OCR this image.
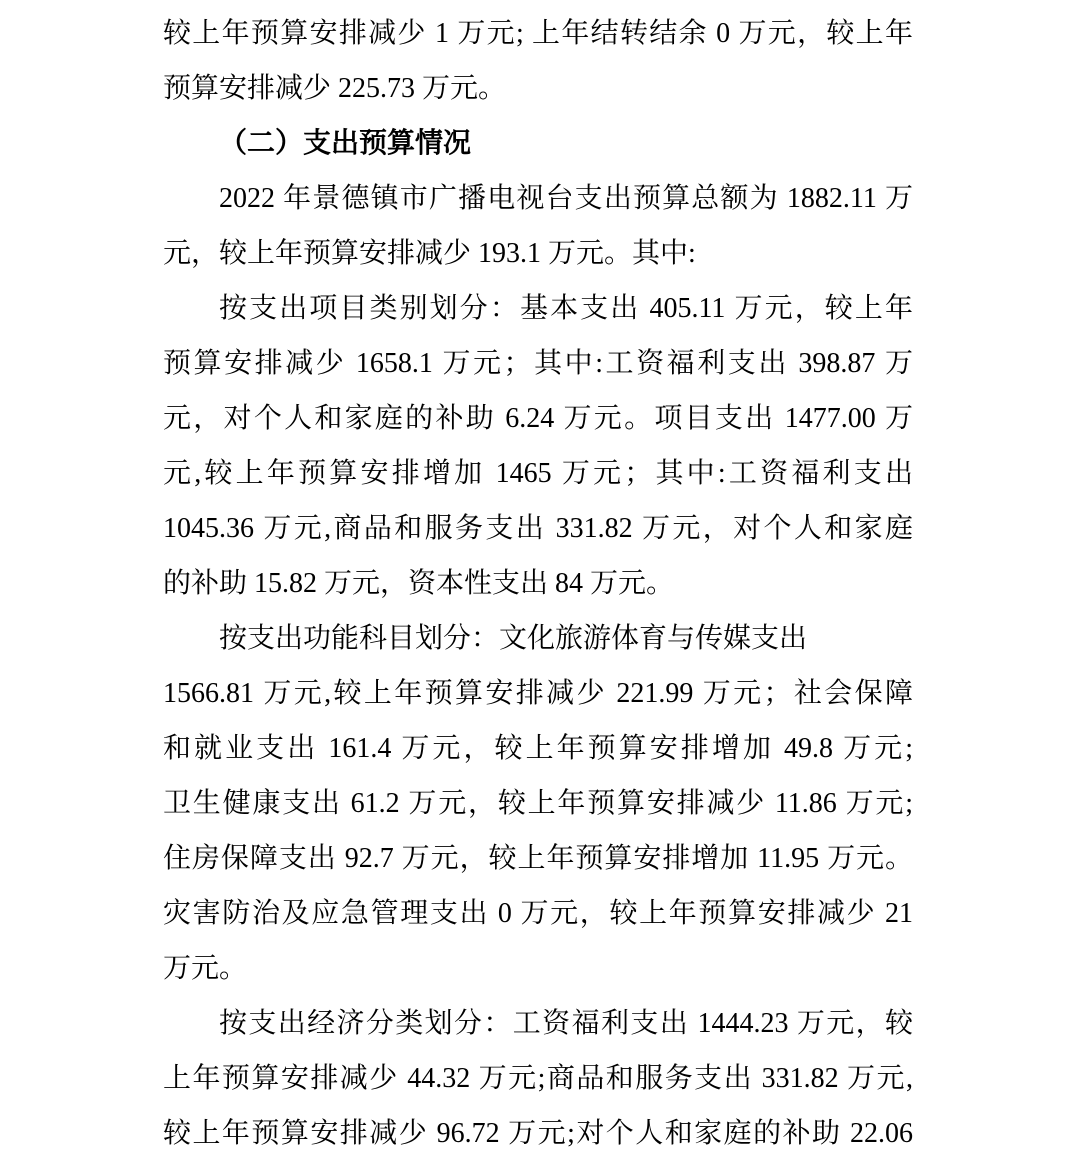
较上年预算安排减少 1 万元; 上年结转结余 0 万元，较上年
预算安排减少 225.73 万元。
（二）支出预算情况
2022 年景德镇市广播电视台支出预算总额为 1882.11 万
元，较上年预算安排减少 193.1 万元。其中:
按支出项目类别划分：基本支出 405.11 万元，较上年
预算安排减少 1658.1 万元；其中:工资福利支出 398.87 万
元，对个人和家庭的补助 6.24 万元。项目支出 1477.00 万
元,较上年预算安排增加 1465 万元；其中:工资福利支出
1045.36 万元,商品和服务支出 331.82 万元，对个人和家庭
的补助 15.82 万元，资本性支出 84 万元。
按支出功能科目划分：文化旅游体育与传媒支出
1566.81 万元,较上年预算安排减少 221.99 万元；社会保障
和就业支出 161.4 万元，较上年预算安排增加 49.8 万元;
卫生健康支出 61.2 万元，较上年预算安排减少 11.86 万元;
住房保障支出 92.7 万元，较上年预算安排增加 11.95 万元。
灾害防治及应急管理支出 0 万元，较上年预算安排减少 21
万元。
按支出经济分类划分：工资福利支出 1444.23 万元，较
上年预算安排减少 44.32 万元;商品和服务支出 331.82 万元,
较上年预算安排减少 96.72 万元;对个人和家庭的补助 22.06
